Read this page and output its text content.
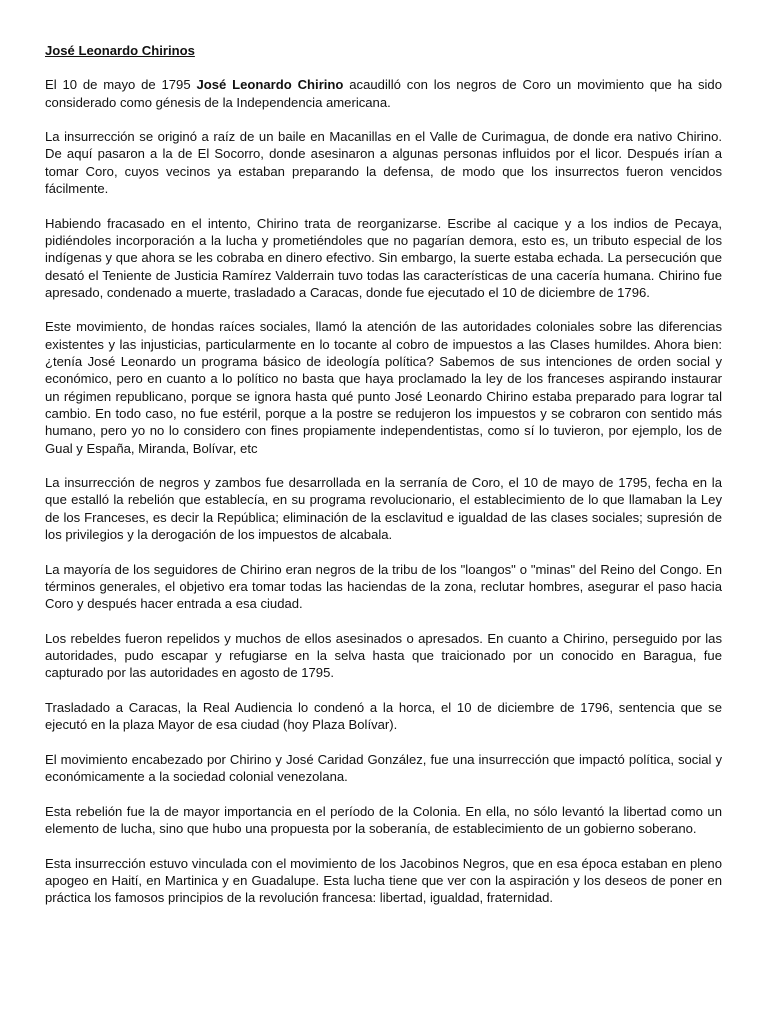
José Leonardo Chirinos

El 10 de mayo de 1795 José Leonardo Chirino acaudilló con los negros de Coro un movimiento que ha sido considerado como génesis de la Independencia americana.

La insurrección se originó a raíz de un baile en Macanillas en el Valle de Curimagua, de donde era nativo Chirino. De aquí pasaron a la de El Socorro, donde asesinaron a algunas personas influidos por el licor. Después irían a tomar Coro, cuyos vecinos ya estaban preparando la defensa, de modo que los insurrectos fueron vencidos fácilmente.

Habiendo fracasado en el intento, Chirino trata de reorganizarse. Escribe al cacique y a los indios de Pecaya, pidiéndoles incorporación a la lucha y prometiéndoles que no pagarían demora, esto es, un tributo especial de los indígenas y que ahora se les cobraba en dinero efectivo. Sin embargo, la suerte estaba echada. La persecución que desató el Teniente de Justicia Ramírez Valderrain tuvo todas las características de una cacería humana. Chirino fue apresado, condenado a muerte, trasladado a Caracas, donde fue ejecutado el 10 de diciembre de 1796.

Este movimiento, de hondas raíces sociales, llamó la atención de las autoridades coloniales sobre las diferencias existentes y las injusticias, particularmente en lo tocante al cobro de impuestos a las Clases humildes. Ahora bien: ¿tenía José Leonardo un programa básico de ideología política? Sabemos de sus intenciones de orden social y económico, pero en cuanto a lo político no basta que haya proclamado la ley de los franceses aspirando instaurar un régimen republicano, porque se ignora hasta qué punto José Leonardo Chirino estaba preparado para lograr tal cambio. En todo caso, no fue estéril, porque a la postre se redujeron los impuestos y se cobraron con sentido más humano, pero yo no lo considero con fines propiamente independentistas, como sí lo tuvieron, por ejemplo, los de Gual y España, Miranda, Bolívar, etc

La insurrección de negros y zambos fue desarrollada en la serranía de Coro, el 10 de mayo de 1795, fecha en la que estalló la rebelión que establecía, en su programa revolucionario, el establecimiento de lo que llamaban la Ley de los Franceses, es decir la República; eliminación de la esclavitud e igualdad de las clases sociales; supresión de los privilegios y la derogación de los impuestos de alcabala.

La mayoría de los seguidores de Chirino eran negros de la tribu de los "loangos" o "minas" del Reino del Congo. En términos generales, el objetivo era tomar todas las haciendas de la zona, reclutar hombres, asegurar el paso hacia Coro y después hacer entrada a esa ciudad.

Los rebeldes fueron repelidos y muchos de ellos asesinados o apresados. En cuanto a Chirino, perseguido por las autoridades, pudo escapar y refugiarse en la selva hasta que traicionado por un conocido en Baragua, fue capturado por las autoridades en agosto de 1795.

Trasladado a Caracas, la Real Audiencia lo condenó a la horca, el 10 de diciembre de 1796, sentencia que se ejecutó en la plaza Mayor de esa ciudad (hoy Plaza Bolívar).

El movimiento encabezado por Chirino y José Caridad González, fue una insurrección que impactó política, social y económicamente a la sociedad colonial venezolana.

Esta rebelión fue la de mayor importancia en el período de la Colonia. En ella, no sólo levantó la libertad como un elemento de lucha, sino que hubo una propuesta por la soberanía, de establecimiento de un gobierno soberano.

Esta insurrección estuvo vinculada con el movimiento de los Jacobinos Negros, que en esa época estaban en pleno apogeo en Haití, en Martinica y en Guadalupe. Esta lucha tiene que ver con la aspiración y los deseos de poner en práctica los famosos principios de la revolución francesa: libertad, igualdad, fraternidad.
